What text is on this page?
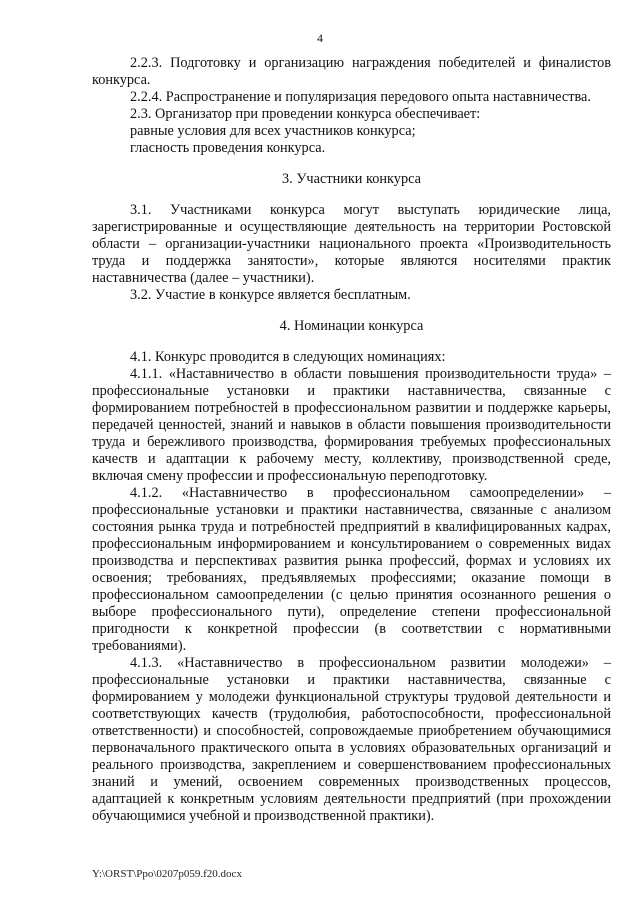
4

2.2.3. Подготовку и организацию награждения победителей и финалистов конкурса.

2.2.4. Распространение и популяризация передового опыта наставничества.

2.3. Организатор при проведении конкурса обеспечивает:

равные условия для всех участников конкурса;

гласность проведения конкурса.

3. Участники конкурса

3.1. Участниками конкурса могут выступать юридические лица, зарегистрированные и осуществляющие деятельность на территории Ростовской области – организации-участники национального проекта «Производительность труда и поддержка занятости», которые являются носителями практик наставничества (далее – участники).

3.2. Участие в конкурсе является бесплатным.

4. Номинации конкурса

4.1. Конкурс проводится в следующих номинациях:

4.1.1. «Наставничество в области повышения производительности труда» – профессиональные установки и практики наставничества, связанные с формированием потребностей в профессиональном развитии и поддержке карьеры, передачей ценностей, знаний и навыков в области повышения производительности труда и бережливого производства, формирования требуемых профессиональных качеств и адаптации к рабочему месту, коллективу, производственной среде, включая смену профессии и профессиональную переподготовку.

4.1.2. «Наставничество в профессиональном самоопределении» – профессиональные установки и практики наставничества, связанные с анализом состояния рынка труда и потребностей предприятий в квалифицированных кадрах, профессиональным информированием и консультированием о современных видах производства и перспективах развития рынка профессий, формах и условиях их освоения; требованиях, предъявляемых профессиями; оказание помощи в профессиональном самоопределении (с целью принятия осознанного решения о выборе профессионального пути), определение степени профессиональной пригодности к конкретной профессии (в соответствии с нормативными требованиями).

4.1.3. «Наставничество в профессиональном развитии молодежи» – профессиональные установки и практики наставничества, связанные с формированием у молодежи функциональной структуры трудовой деятельности и соответствующих качеств (трудолюбия, работоспособности, профессиональной ответственности) и способностей, сопровождаемые приобретением обучающимися первоначального практического опыта в условиях образовательных организаций и реального производства, закреплением и совершенствованием профессиональных знаний и умений, освоением современных производственных процессов, адаптацией к конкретным условиям деятельности предприятий (при прохождении обучающимися учебной и производственной практики).

Y:\ORST\Ppo\0207p059.f20.docx
